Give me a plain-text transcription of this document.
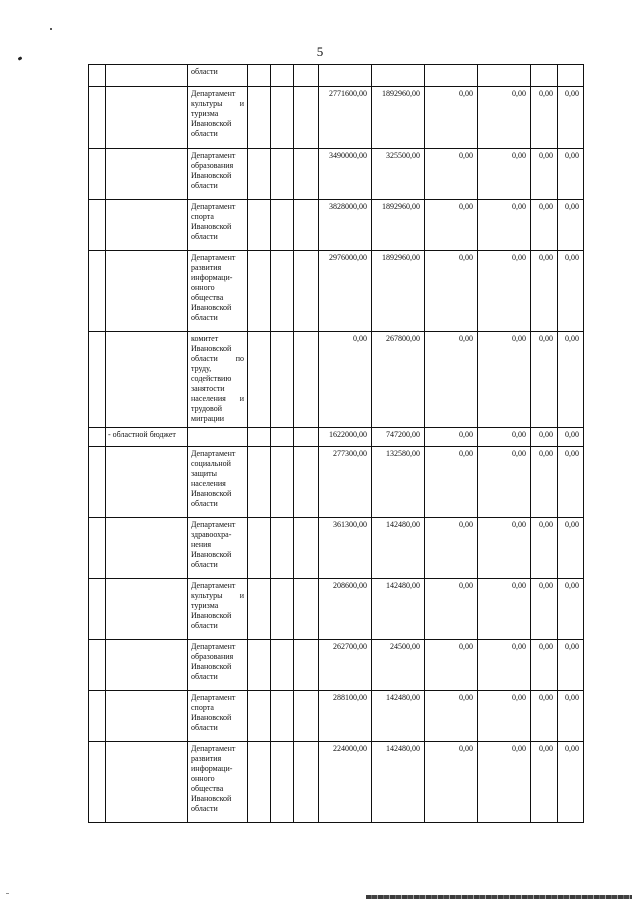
5
		области									
		Департамент культуры и туризма Ивановской области				2771600,00	1892960,00	0,00	0,00	0,00	0,00
		Департамент образования Ивановской области				3490000,00	325500,00	0,00	0,00	0,00	0,00
		Департамент спорта Ивановской области				3828000,00	1892960,00	0,00	0,00	0,00	0,00
		Департамент развития информаци-онного общества Ивановской области				2976000,00	1892960,00	0,00	0,00	0,00	0,00
		комитет Ивановской области по труду, содействию занятости населения и трудовой миграции				0,00	267800,00	0,00	0,00	0,00	0,00
	- областной бюджет					1622000,00	747200,00	0,00	0,00	0,00	0,00
		Департамент социальной защиты населения Ивановской области				277300,00	132580,00	0,00	0,00	0,00	0,00
		Департамент здравоохра-нения Ивановской области				361300,00	142480,00	0,00	0,00	0,00	0,00
		Департамент культуры и туризма Ивановской области				208600,00	142480,00	0,00	0,00	0,00	0,00
		Департамент образования Ивановской области				262700,00	24500,00	0,00	0,00	0,00	0,00
		Департамент спорта Ивановской области				288100,00	142480,00	0,00	0,00	0,00	0,00
		Департамент развития информаци-онного общества Ивановской области				224000,00	142480,00	0,00	0,00	0,00	0,00
